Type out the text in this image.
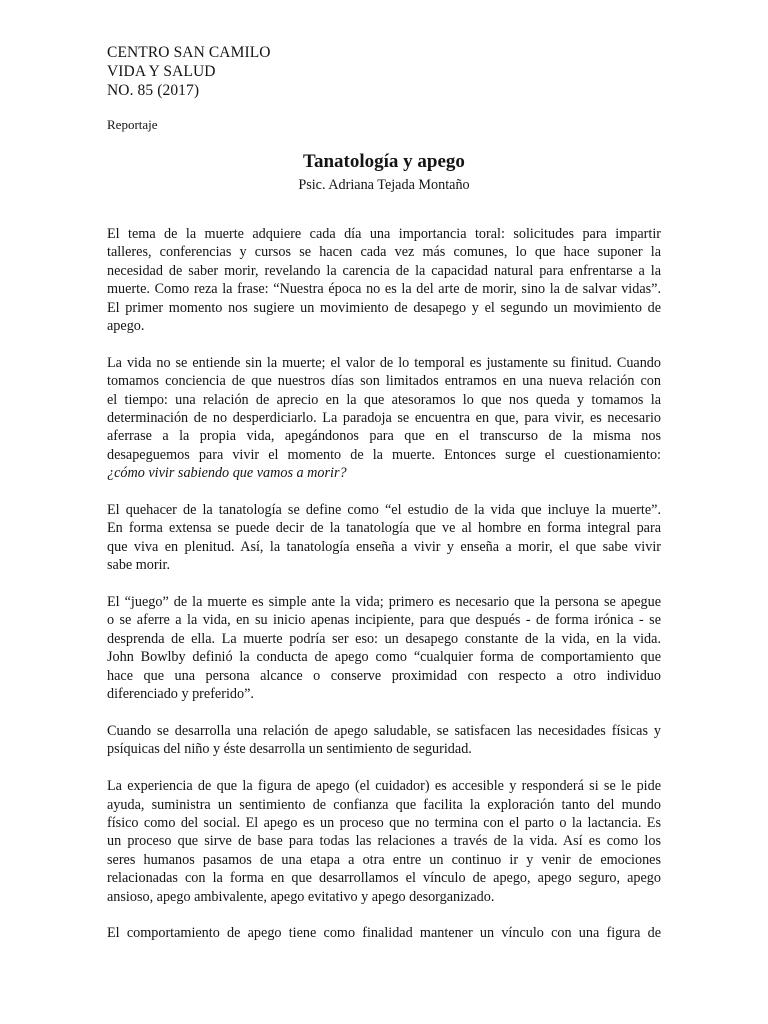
CENTRO SAN CAMILO
VIDA Y SALUD
NO. 85 (2017)
Reportaje
Tanatología y apego
Psic. Adriana Tejada Montaño
El tema de la muerte adquiere cada día una importancia toral: solicitudes para impartir
talleres, conferencias y cursos se hacen cada vez más comunes, lo que hace suponer la
necesidad de saber morir, revelando la carencia de la capacidad natural para enfrentarse a la
muerte. Como reza la frase: “Nuestra época no es la del arte de morir, sino la de salvar vidas”.
El primer momento nos sugiere un movimiento de desapego y el segundo un movimiento de
apego.
La vida no se entiende sin la muerte; el valor de lo temporal es justamente su finitud. Cuando
tomamos conciencia de que nuestros días son limitados entramos en una nueva relación con
el tiempo: una relación de aprecio en la que atesoramos lo que nos queda y tomamos la
determinación de no desperdiciarlo. La paradoja se encuentra en que, para vivir, es necesario
aferrase a la propia vida, apegándonos para que en el transcurso de la misma nos
desapeguemos para vivir el momento de la muerte. Entonces surge el cuestionamiento:
¿cómo vivir sabiendo que vamos a morir?
El quehacer de la tanatología se define como “el estudio de la vida que incluye la muerte”.
En forma extensa se puede decir de la tanatología que ve al hombre en forma integral para
que viva en plenitud. Así, la tanatología enseña a vivir y enseña a morir, el que sabe vivir
sabe morir.
El “juego” de la muerte es simple ante la vida; primero es necesario que la persona se apegue
o se aferre a la vida, en su inicio apenas incipiente, para que después - de forma irónica - se
desprenda de ella. La muerte podría ser eso: un desapego constante de la vida, en la vida.
John Bowlby definió la conducta de apego como “cualquier forma de comportamiento que
hace que una persona alcance o conserve proximidad con respecto a otro individuo
diferenciado y preferido”.
Cuando se desarrolla una relación de apego saludable, se satisfacen las necesidades físicas y
psíquicas del niño y éste desarrolla un sentimiento de seguridad.
La experiencia de que la figura de apego (el cuidador) es accesible y responderá si se le pide
ayuda, suministra un sentimiento de confianza que facilita la exploración tanto del mundo
físico como del social. El apego es un proceso que no termina con el parto o la lactancia. Es
un proceso que sirve de base para todas las relaciones a través de la vida. Así es como los
seres humanos pasamos de una etapa a otra entre un continuo ir y venir de emociones
relacionadas con la forma en que desarrollamos el vínculo de apego, apego seguro, apego
ansioso, apego ambivalente, apego evitativo y apego desorganizado.
El comportamiento de apego tiene como finalidad mantener un vínculo con una figura de
